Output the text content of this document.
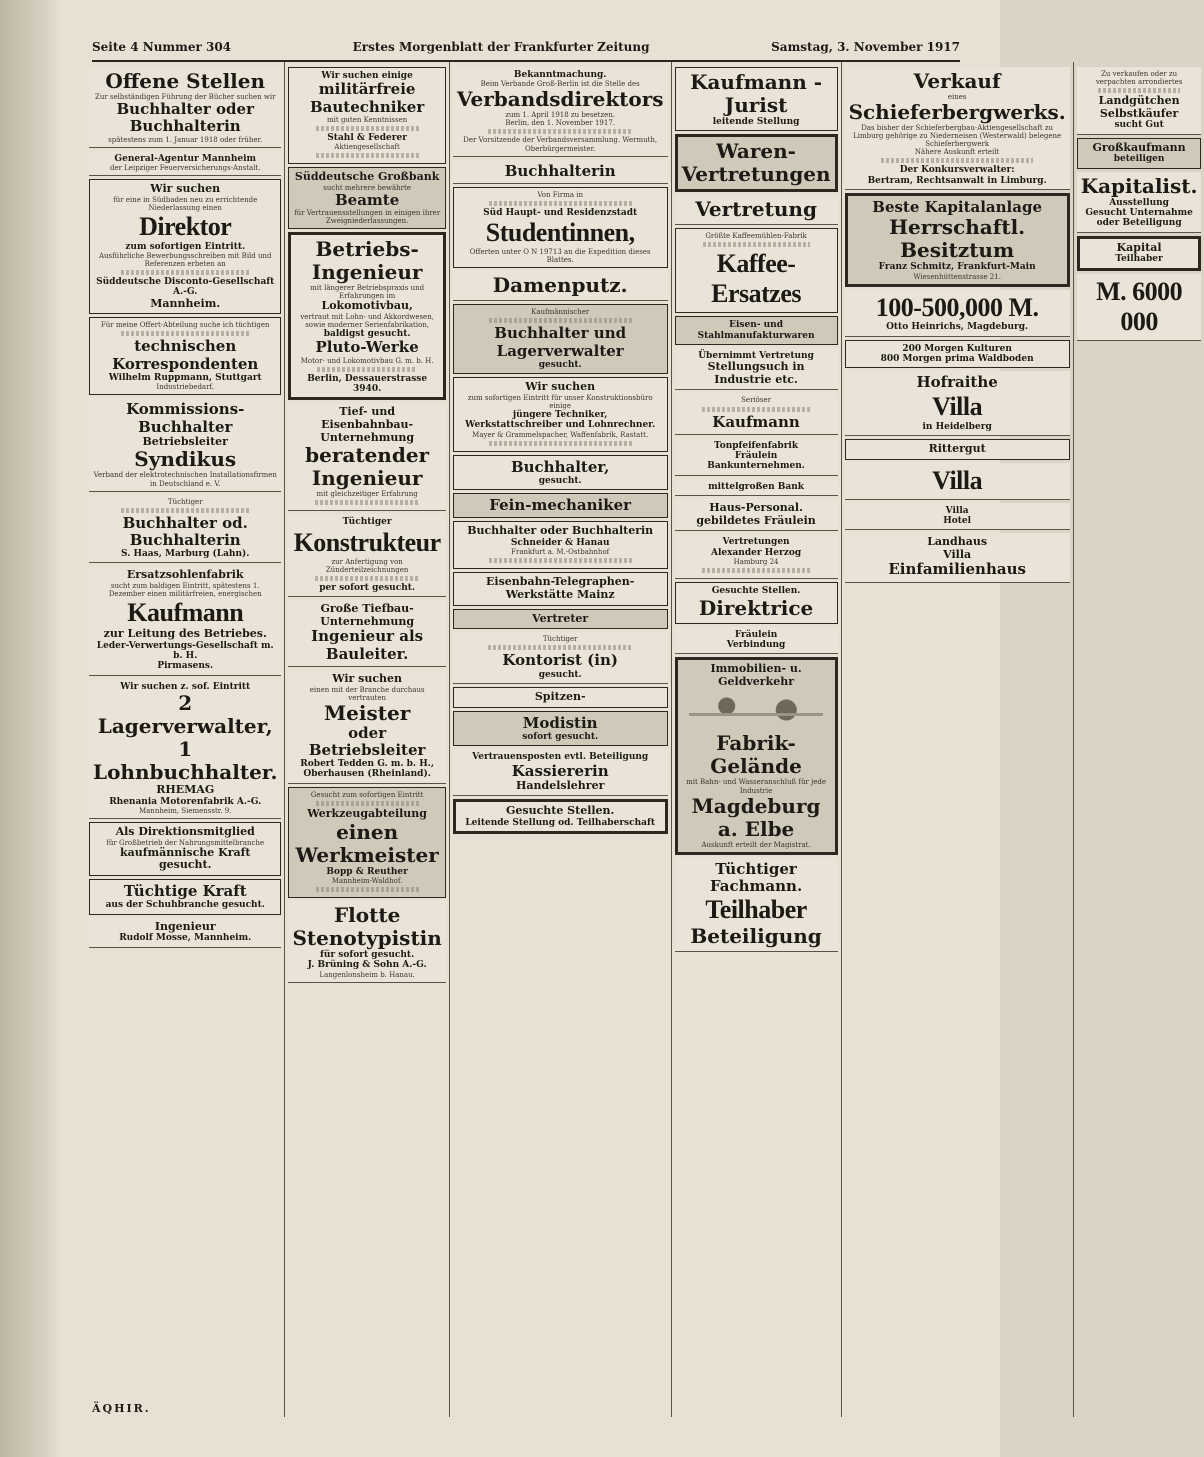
Seite 4 Nummer 304	Erstes Morgenblatt der Frankfurter Zeitung	Samstag, 3. November 1917
Offene Stellen
Zur selbständigen Führung der Bücher suchen wir
Buchhalter oder Buchhalterin
spätestens zum 1. Januar 1918 oder früher.
General-Agentur Mannheim
der Leipziger Feuerversicherungs-Anstalt.
Wir suchen
für eine in Südbaden neu zu errichtende Niederlassung einen
Direktor
zum sofortigen Eintritt.
Ausführliche Bewerbungsschreiben mit Bild und Referenzen erbeten an
Süddeutsche Disconto-Gesellschaft A.-G.
Mannheim.
Für meine Offert-Abteilung suche ich tüchtigen
technischen Korrespondenten
Wilhelm Ruppmann, Stuttgart
Industriebedarf.
Kommissions-Buchhalter
Betriebsleiter
Syndikus
Verband der elektrotechnischen Installationsfirmen in Deutschland e. V.
Tüchtiger
Buchhalter od. Buchhalterin
S. Haas, Marburg (Lahn).
Ersatzsohlenfabrik
sucht zum baldigen Eintritt, spätestens 1. Dezember einen militärfreien, energischen
Kaufmann
zur Leitung des Betriebes.
Leder-Verwertungs-Gesellschaft m. b. H.
Pirmasens.
Wir suchen z. sof. Eintritt
2 Lagerverwalter,
1 Lohnbuchhalter.
RHEMAG
Rhenania Motorenfabrik A.-G.
Mannheim, Siemensstr. 9.
Als Direktionsmitglied
für Großbetrieb der Nahrungsmittelbranche
kaufmännische Kraft gesucht.
Tüchtige Kraft
aus der Schuhbranche gesucht.
Ingenieur
Rudolf Mosse, Mannheim.
Wir suchen einige
militärfreie Bautechniker
mit guten Kenntnissen
Stahl & Federer
Aktiengesellschaft
Süddeutsche Großbank
sucht mehrere bewährte
Beamte
für Vertrauensstellungen in einigen ihrer Zweigniederlassungen.
Betriebs-Ingenieur
mit längerer Betriebspraxis und Erfahrungen im
Lokomotivbau,
vertraut mit Lohn- und Akkordwesen, sowie moderner Serienfabrikation,
baldigst gesucht.
Pluto-Werke
Motor- und Lokomotivbau G. m. b. H.
Berlin, Dessauerstrasse 3940.
Tief- und Eisenbahnbau-Unternehmung
beratender Ingenieur
mit gleichzeitiger Erfahrung
Tüchtiger
Konstrukteur
zur Anfertigung von Zünderteilzeichnungen
per sofort gesucht.
Große Tiefbau-Unternehmung
Ingenieur als Bauleiter.
Wir suchen
einen mit der Branche durchaus vertrauten
Meister
oder Betriebsleiter
Robert Tedden G. m. b. H.,
Oberhausen (Rheinland).
Gesucht zum sofortigen Eintritt
Werkzeugabteilung
einen Werkmeister
Bopp & Reuther
Mannheim-Waldhof.
Flotte Stenotypistin
für sofort gesucht.
J. Brüning & Sohn A.-G.
Langenlonsheim b. Hanau.
Bekanntmachung.
Beim Verbande Groß-Berlin ist die Stelle des
Verbandsdirektors
zum 1. April 1918 zu besetzen.
Berlin, den 1. November 1917.
Der Vorsitzende der Verbandsversammlung. Wermuth, Oberbürgermeister.
Buchhalterin
Von Firma in
Süd Haupt- und Residenzstadt
Studentinnen,
Offerten unter O N 19713 an die Expedition dieses Blattes.
Damenputz.
Kaufmännischer
Buchhalter und Lagerverwalter
gesucht.
Wir suchen
zum sofortigen Eintritt für unser Konstruktionsbüro einige
jüngere Techniker,
Werkstattschreiber und Lohnrechner.
Mayer & Grammelspacher, Waffenfabrik, Rastatt.
Buchhalter,
gesucht.
Fein-mechaniker
Buchhalter oder Buchhalterin
Schneider & Hanau
Frankfurt a. M.-Ostbahnhof
Eisenbahn-Telegraphen-Werkstätte Mainz
Vertreter
Tüchtiger
Kontorist (in)
gesucht.
Spitzen-
Modistin
sofort gesucht.
Vertrauensposten evtl. Beteiligung
Kassiererin
Handelslehrer
Gesuchte Stellen.
Leitende Stellung od. Teilhaberschaft
Kaufmann - Jurist
leitende Stellung
Waren-Vertretungen
Vertretung
Größte Kaffeemühlen-Fabrik
Kaffee-Ersatzes
Eisen- und Stahlmanufakturwaren
Übernimmt Vertretung
Stellungsuch in Industrie etc.
Seriöser
Kaufmann
Tonpfeifenfabrik
Fräulein
Bankunternehmen.
mittelgroßen Bank
Haus-Personal.
gebildetes Fräulein
Vertretungen
Alexander Herzog
Hamburg 24
Gesuchte Stellen.
Direktrice
Fräulein
Verbindung
Immobilien- u. Geldverkehr
Fabrik-Gelände
mit Bahn- und Wasseranschluß für jede Industrie
Magdeburg a. Elbe
Auskunft erteilt der Magistrat.
Tüchtiger Fachmann.
Teilhaber
Beteiligung
Verkauf
eines
Schieferbergwerks.
Das bisher der Schieferbergbau-Aktiengesellschaft zu Limburg gehörige zu Niederneisen (Westerwald) belegene Schieferbergwerk
Nähere Auskunft erteilt
Der Konkursverwalter:
Bertram, Rechtsanwalt in Limburg.
Beste Kapitalanlage
Herrschaftl. Besitztum
Franz Schmitz, Frankfurt-Main
Wiesenhüttenstrasse 21.
100-500,000 M.
Otto Heinrichs, Magdeburg.
200 Morgen Kulturen
800 Morgen prima Waldboden
Hofraithe
Villa
in Heidelberg
Rittergut
Villa
Villa
Hotel
Landhaus
Villa
Einfamilienhaus
Zu verkaufen oder zu verpachten arrondiertes
Landgütchen
Selbstkäufer
sucht Gut
Großkaufmann
beteiligen
Kapitalist.
Ausstellung
Gesucht Unternahme oder Beteiligung
Kapital
Teilhaber
M. 6000 000
ÄQHIR.
